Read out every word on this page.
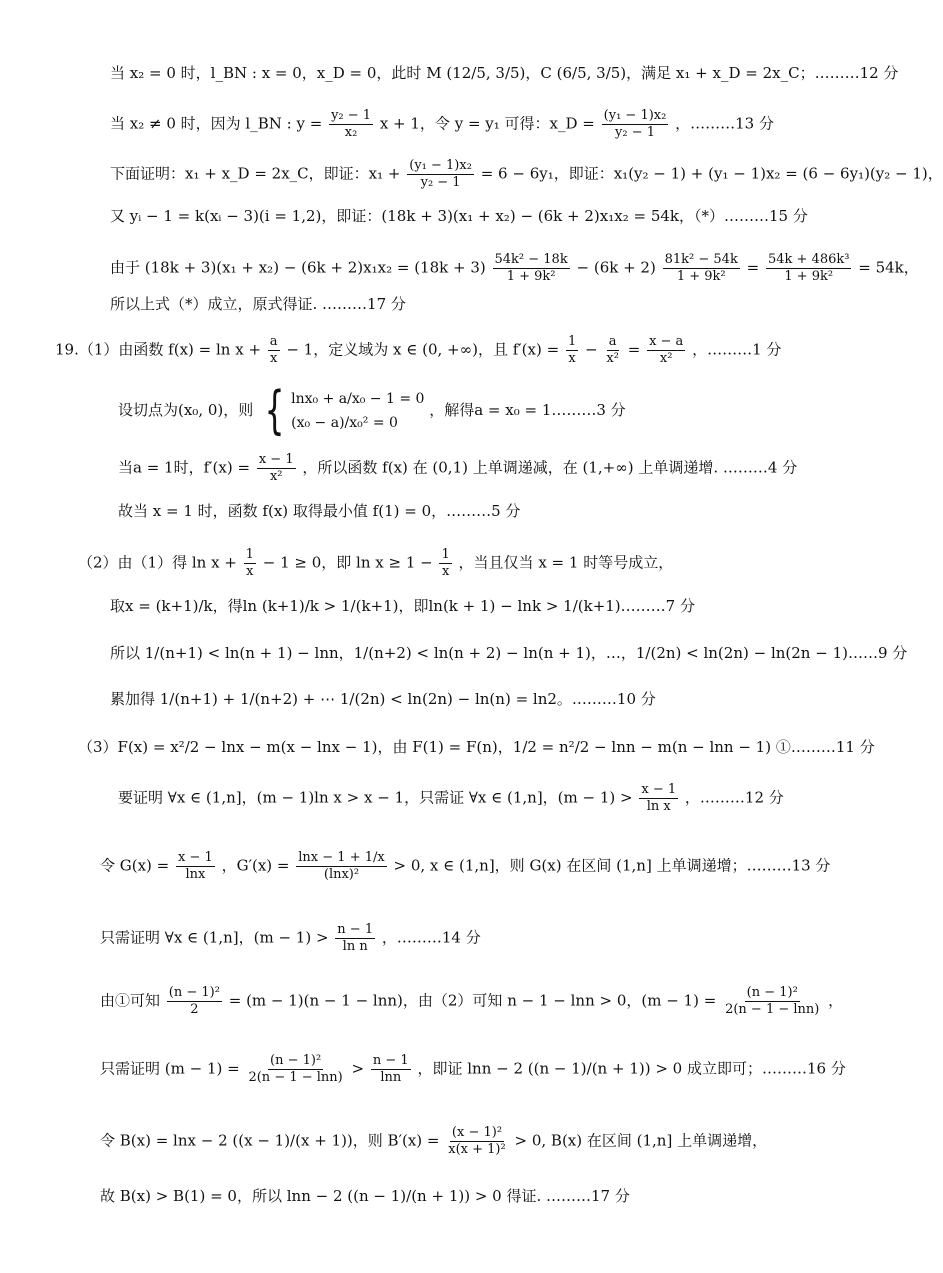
当 x₂ = 0 时，l_BN : x = 0，x_D = 0，此时 M (12/5, 3/5)，C (6/5, 3/5)，满足 x₁ + x_D = 2x_C；………12 分
当 x₂ ≠ 0 时，因为 l_BN : $y = \frac{\text{y₂ − 1}}{\text{x₂}}$ x + 1，令 y = y₁ 可得：x_D = $\frac{\text{(y₁ − 1)x₂}}{\text{y₂ − 1}}$ ，………13 分
下面证明：x₁ + x_D = 2x_C，即证：$x_1 + \frac{\text{(y₁ − 1)x₂}}{\text{y₂ − 1}} = 6 - 6y_1$，即证：x₁(y₂ − 1) + (y₁ − 1)x₂ = (6 − 6y₁)(y₂ − 1)，
又 yᵢ − 1 = k(xᵢ − 3)(i = 1,2)，即证：(18k + 3)(x₁ + x₂) − (6k + 2)x₁x₂ = 54k，（*）………15 分
由于 $(18k + 3)(x_1 + x_2) - (6k + 2)x_1x_2 = (18k + 3) \frac{\text{54k² − 18k}}{\text{1 + 9k²}} - (6k + 2) \frac{\text{81k² − 54k}}{\text{1 + 9k²}} = \frac{\text{54k + 486k³}}{\text{1 + 9k²}} = 54k$，
所以上式（*）成立，原式得证. ………17 分
19.（1）由函数 $f(x) = \ln x + \frac{a}{x} - 1$，定义域为 x ∈ (0, +∞)，且 $f'(x) = \frac{1}{x} - \frac{a}{\text{x²}} = \frac{x - a}{\text{x²}}$ ，………1 分
设切点为(x₀, 0)，则 { lnx₀ + a/x₀ − 1 = 0
(x₀ − a)/x₀² = 0
，解得a = x₀ = 1………3 分
当a = 1时，$f'(x) = \frac{x - 1}{\text{x²}}$ ，所以函数 f(x) 在 (0,1) 上单调递减，在 (1,+∞) 上单调递增. ………4 分
故当 x = 1 时，函数 f(x) 取得最小值 f(1) = 0，………5 分
（2）由（1）得 $\ln x + \frac{1}{x} - 1 \ge 0$，即 $\ln x \ge 1 - \frac{1}{x}$ ，当且仅当 x = 1 时等号成立，
取x = (k+1)/k，得ln (k+1)/k > 1/(k+1)，即ln(k + 1) − lnk > 1/(k+1)………7 分
所以 1/(n+1) < ln(n + 1) − lnn，1/(n+2) < ln(n + 2) − ln(n + 1)，…，1/(2n) < ln(2n) − ln(2n − 1)……9 分
累加得 1/(n+1) + 1/(n+2) + ⋯ 1/(2n) < ln(2n) − ln(n) = ln2。………10 分
（3）F(x) = x²/2 − lnx − m(x − lnx − 1)，由 F(1) = F(n)，1/2 = n²/2 − lnn − m(n − lnn − 1) ①………11 分
要证明 ∀x ∈ (1,n]，(m − 1)ln x > x − 1，只需证 ∀x ∈ (1,n]，$(m - 1) > \frac{x - 1}{\text{ln x}}$ ，………12 分
令 $G(x) = \frac{x - 1}{\ln x}$ ，$G'(x) = \frac{\ln x - 1 + 1/x}{\text{(lnx)²}} > 0$, x ∈ (1,n]，则 G(x) 在区间 (1,n] 上单调递增；………13 分
只需证明 ∀x ∈ (1,n]，$(m - 1) > \frac{n - 1}{\text{ln n}}$ ，………14 分
由①可知 $\frac{\text{(n − 1)²}}{2} = (m - 1)(n - 1 - \ln n)$，由（2）可知 n − 1 − lnn > 0，$(m - 1) = \frac{\text{(n − 1)²}}{2(n - 1 - \ln n)}$ ，
只需证明 $(m - 1) = \frac{\text{(n − 1)²}}{2(n - 1 - \ln n)} > \frac{n - 1}{\ln n}$ ，即证 lnn − 2 ((n − 1)/(n + 1)) > 0 成立即可；………16 分
令 B(x) = lnx − 2 ((x − 1)/(x + 1))，则 $B'(x) = \frac{\text{(x − 1)²}}{\text{x(x + 1)²}} > 0$, B(x) 在区间 (1,n] 上单调递增，
故 B(x) > B(1) = 0，所以 lnn − 2 ((n − 1)/(n + 1)) > 0 得证. ………17 分
